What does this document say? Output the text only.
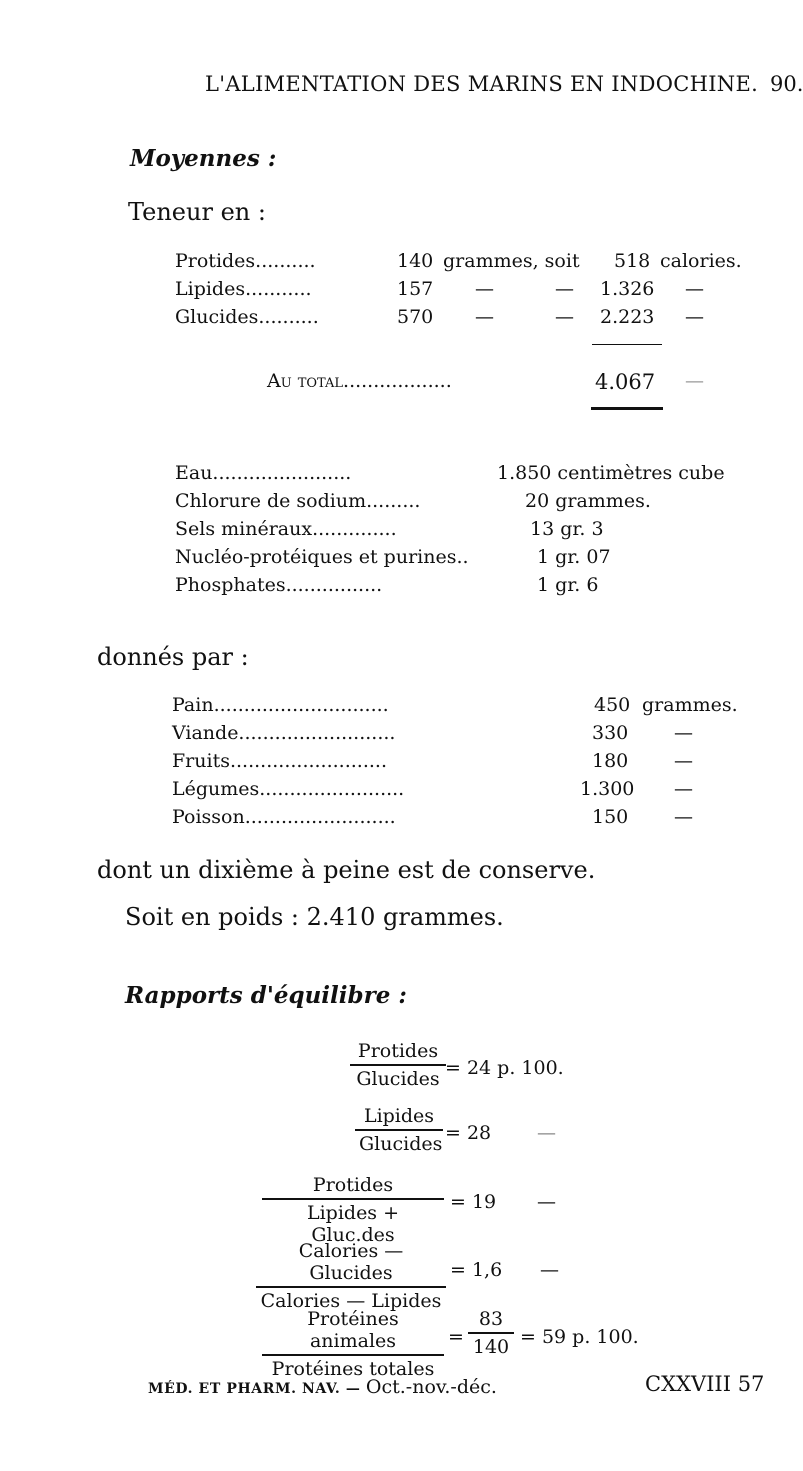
L'ALIMENTATION DES MARINS EN INDOCHINE. 90.
Moyennes :
Teneur en :
Protides..........	140 grammes, soit 518 calories.
Lipides...........	157 —	— 1.326 —
Glucides..........	570 —	— 2.223 —
Au total..................	4.067 —
Eau.......................	1.850 centimètres cube
Chlorure de sodium.........	20 grammes.
Sels minéraux..............	13 gr. 3
Nucléo-protéiques et purines..	1 gr. 07
Phosphates................	1 gr. 6
donnés par :
Pain.............................	450 grammes.
Viande..........................	330 —
Fruits..........................	180 —
Légumes........................	1.300 —
Poisson.........................	150 —
dont un dixième à peine est de conserve.
Soit en poids : 2.410 grammes.
Rapports d'équilibre :
Protides
Glucides = 24 p. 100.
Lipides
Glucides = 28 —
Protides
Lipides + Gluc.des
= 19 —
Calories — Glucides
Calories — Lipides
= 1,6 —
Protéines animales
Protéines totales
=
83
140 = 59 p. 100.
MÉD. ET PHARM. NAV. — Oct.-nov.-déc.	CXXVIII 57
